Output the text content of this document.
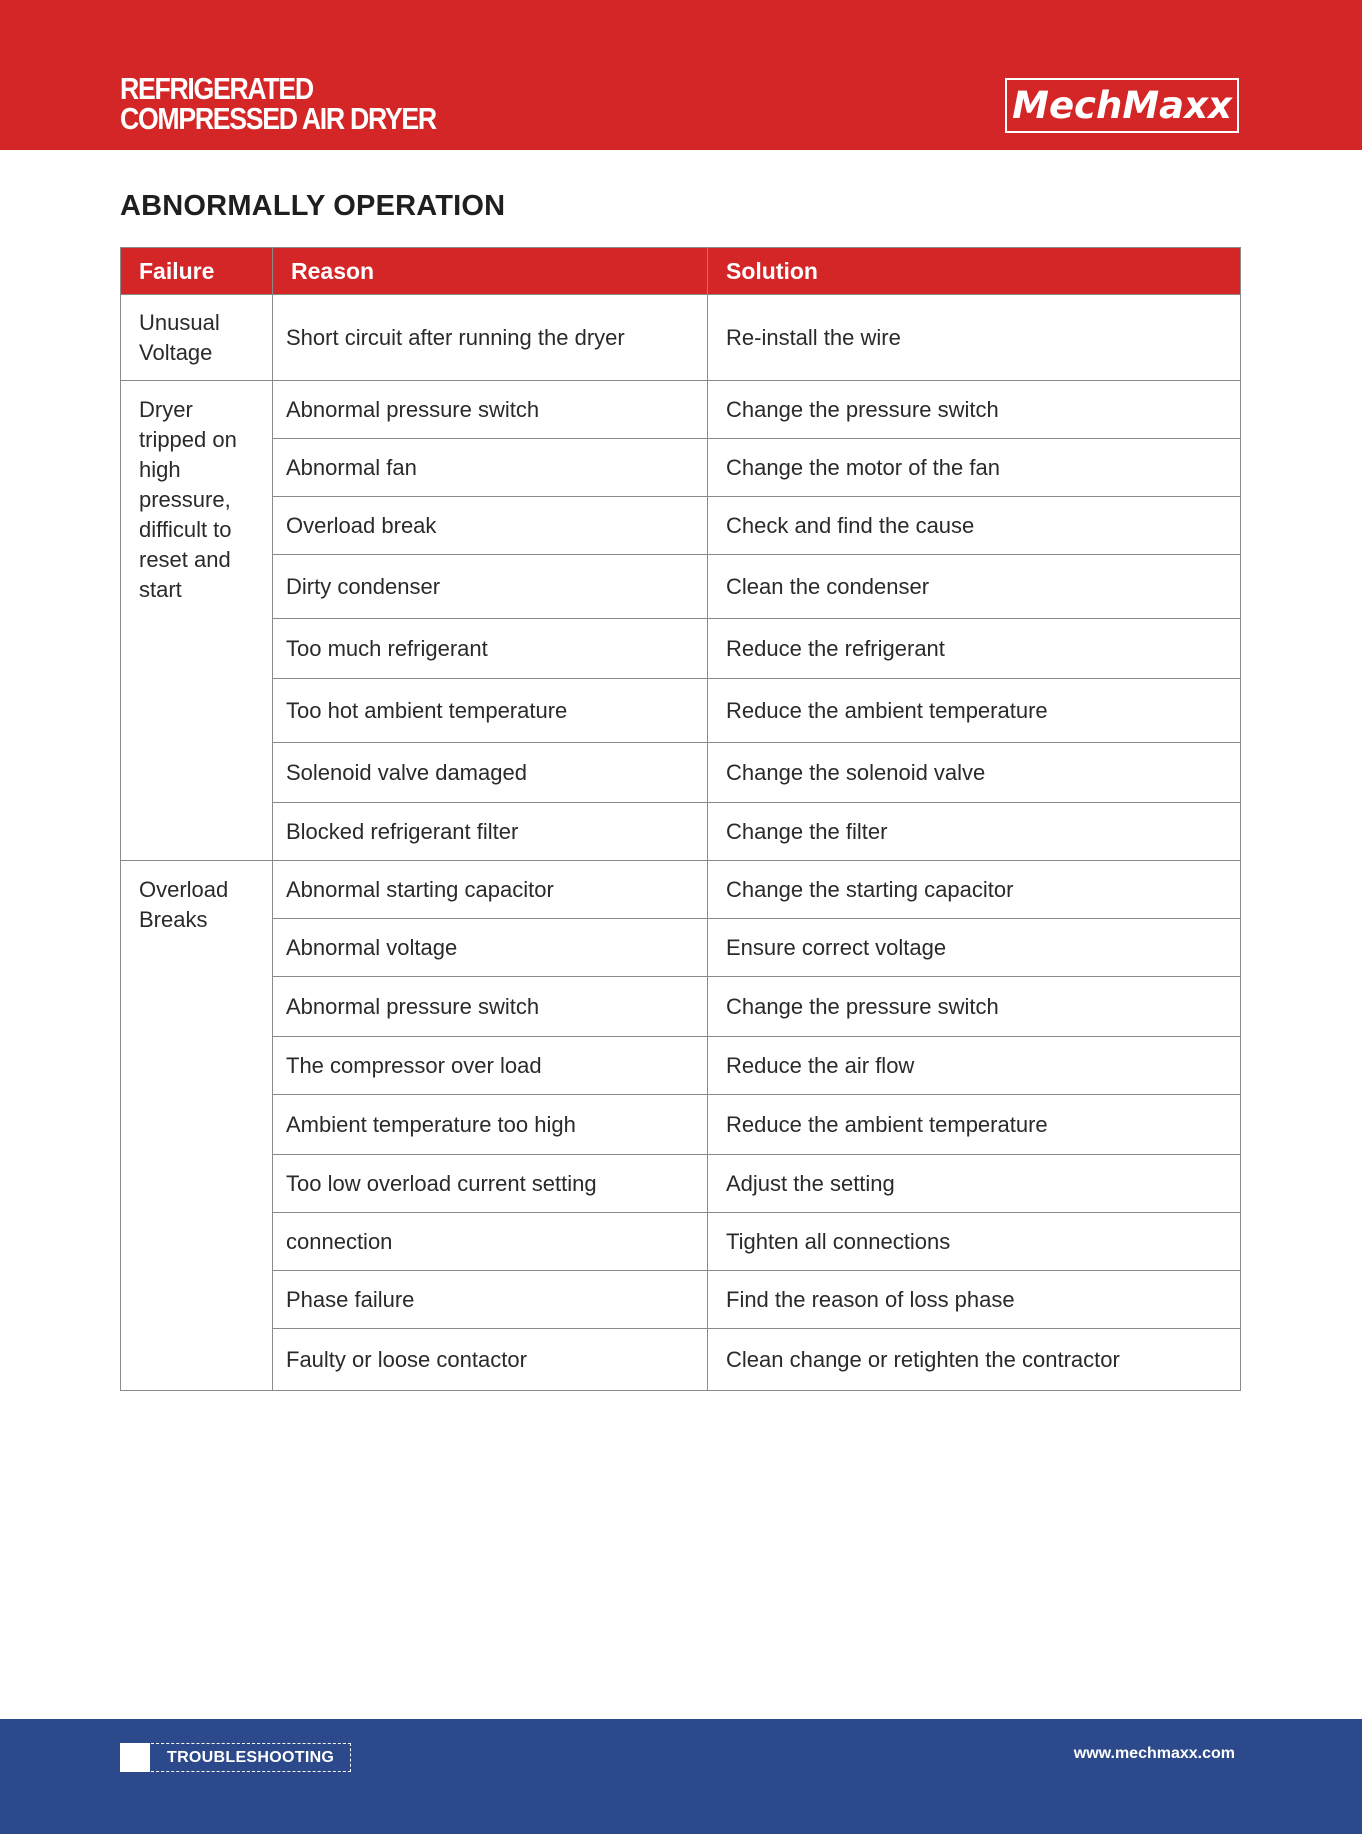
REFRIGERATED
COMPRESSED AIR DRYER	MechMaxx
ABNORMALLY OPERATION
Failure	Reason	Solution
Unusual Voltage	Short circuit after running the dryer	Re-install the wire
Dryer tripped on high pressure, difficult to reset and start	Abnormal pressure switch	Change the pressure switch
	Abnormal fan	Change the motor of the fan
	Overload break	Check and find the cause
	Dirty condenser	Clean the condenser
	Too much refrigerant	Reduce the refrigerant
	Too hot ambient temperature	Reduce the ambient temperature
	Solenoid valve damaged	Change the solenoid valve
	Blocked refrigerant filter	Change the filter
Overload Breaks	Abnormal starting capacitor	Change the starting capacitor
	Abnormal voltage	Ensure correct voltage
	Abnormal pressure switch	Change the pressure switch
	The compressor over load	Reduce the air flow
	Ambient temperature too high	Reduce the ambient temperature
	Too low overload current setting	Adjust the setting
	connection	Tighten all connections
	Phase failure	Find the reason of loss phase
	Faulty or loose contactor	Clean change or retighten the contractor
TROUBLESHOOTING	www.mechmaxx.com
